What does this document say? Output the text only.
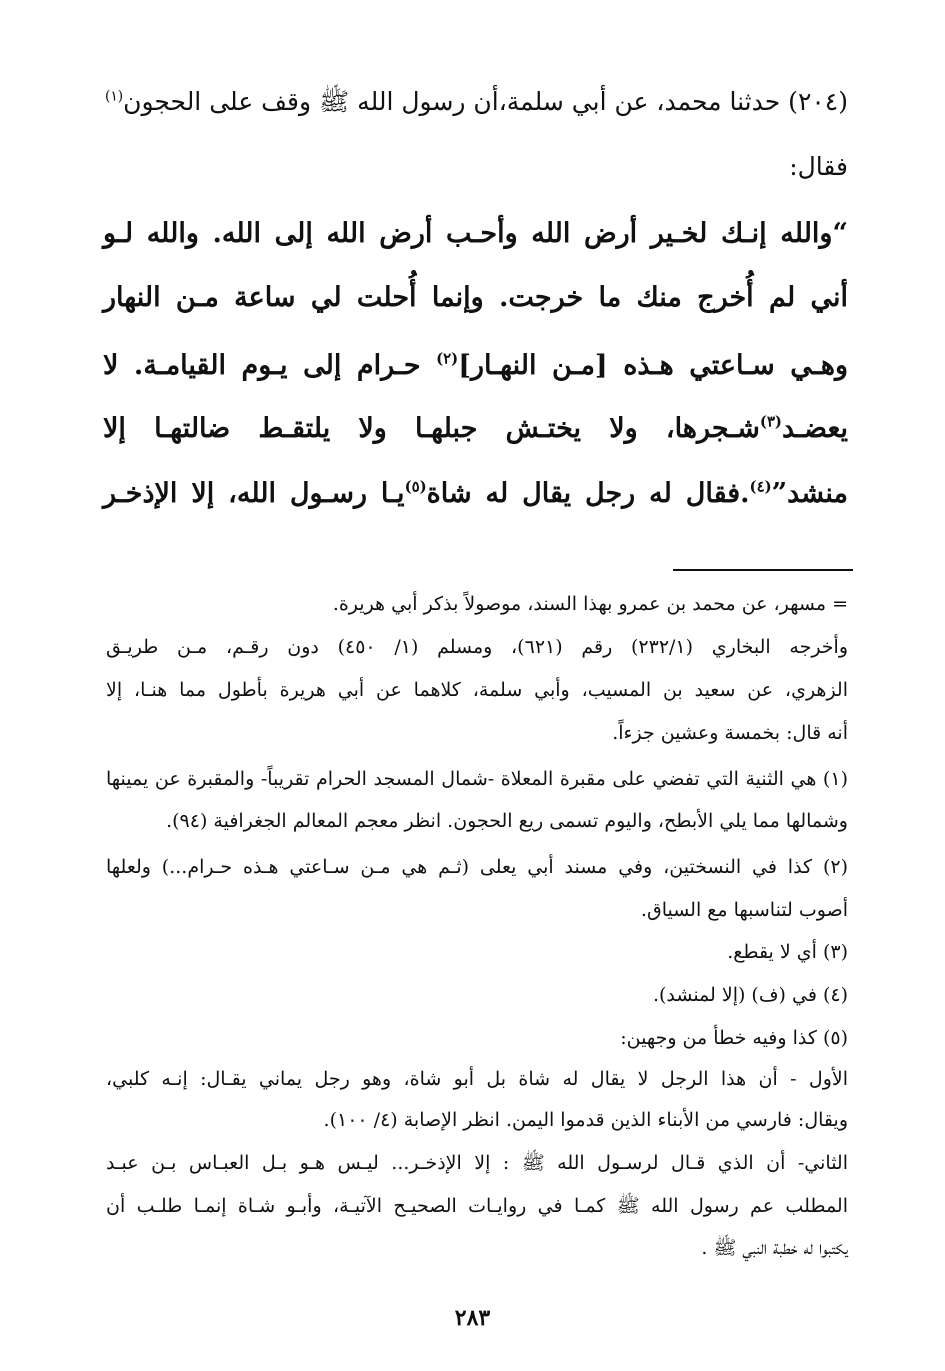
(٢٠٤) حدثنا محمد، عن أبي سلمة،أن رسول الله ﷺ وقف على الحجون$^{(١)}$
فقال:
“والله إنـك لخـير أرض الله وأحـب أرض الله إلى الله. والله لـو
أني لم أُخرج منك ما خرجت. وإنما أُحلت لي ساعة مـن النهار
وهـي سـاعتي هـذه [مـن النهـار]$^{(٢)}$ حـرام إلى يـوم القيامـة. لا
يعضـد$^{(٣)}$شـجرها، ولا يختـش جبلهـا ولا يلتقـط ضالتهـا إلا
منشد”$^{(٤)}$.فقال له رجل يقال له شاة$^{(٥)}$يـا رسـول الله، إلا الإذخـر
= مسهر، عن محمد بن عمرو بهذا السند، موصولاً بذكر أبي هريرة.
وأخرجه البخاري (٢٣٢/١) رقم (٦٢١)، ومسلم (١/ ٤٥٠) دون رقـم، مـن طريـق
الزهري، عن سعيد بن المسيب، وأبي سلمة، كلاهما عن أبي هريرة بأطول مما هنـا، إلا
أنه قال: بخمسة وعشين جزءاً.
(١) هي الثنية التي تفضي على مقبرة المعلاة -شمال المسجد الحرام تقريباً- والمقبرة عن يمينها
وشمالها مما يلي الأبطح، واليوم تسمى ريع الحجون. انظر معجم المعالم الجغرافية (٩٤).
(٢) كذا في النسختين، وفي مسند أبي يعلى (ثـم هي مـن سـاعتي هـذه حـرام...) ولعلها
أصوب لتناسبها مع السياق.
(٣) أي لا يقطع.
(٤) في (ف) (إلا لمنشد).
(٥) كذا وفيه خطأ من وجهين:
الأول - أن هذا الرجل لا يقال له شاة بل أبو شاة، وهو رجل يماني يقـال: إنـه كلبي،
ويقال: فارسي من الأبناء الذين قدموا اليمن. انظر الإصابة (٤/ ١٠٠).
الثاني- أن الذي قـال لرسـول الله ﷺ : إلا الإذخـر... ليـس هـو بـل العبـاس بـن عبـد
المطلب عم رسول الله ﷺ كمـا في روايـات الصحيـح الآتيـة، وأبـو شـاة إنمـا طلـب أن
يكتبوا له خطبة النبي ﷺ .
٢٨٣
